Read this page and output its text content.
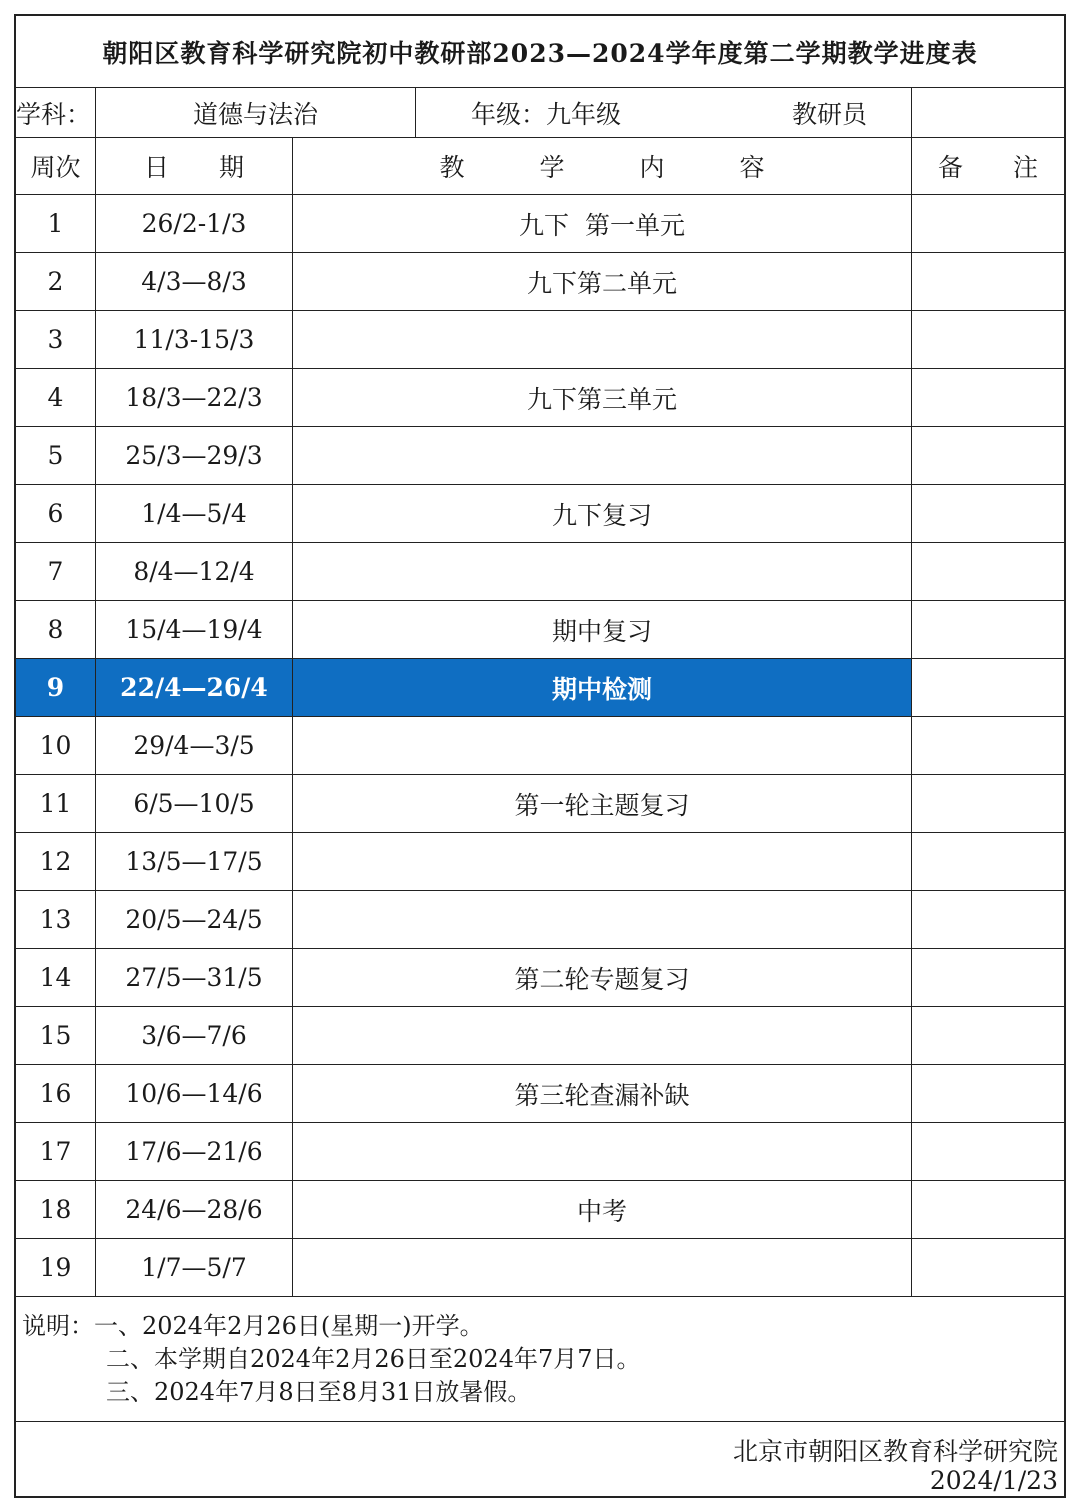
朝阳区教育科学研究院初中教研部2023—2024学年度第二学期教学进度表
学科：	道德与法治	年级：九年级	教研员
周次	日　　期	教　　　学　　　内　　　容	备　　注
1	26/2-1/3	九下  第一单元
2	4/3—8/3	九下第二单元
3	11/3-15/3
4	18/3—22/3	九下第三单元
5	25/3—29/3
6	1/4—5/4	九下复习
7	8/4—12/4
8	15/4—19/4	期中复习
9	22/4—26/4	期中检测
10	29/4—3/5
11	6/5—10/5	第一轮主题复习
12	13/5—17/5
13	20/5—24/5
14	27/5—31/5	第二轮专题复习
15	3/6—7/6
16	10/6—14/6	第三轮查漏补缺
17	17/6—21/6
18	24/6—28/6	中考
19	1/7—5/7
说明：一、2024年2月26日(星期一)开学。
二、本学期自2024年2月26日至2024年7月7日。
三、2024年7月8日至8月31日放暑假。
北京市朝阳区教育科学研究院
2024/1/23
